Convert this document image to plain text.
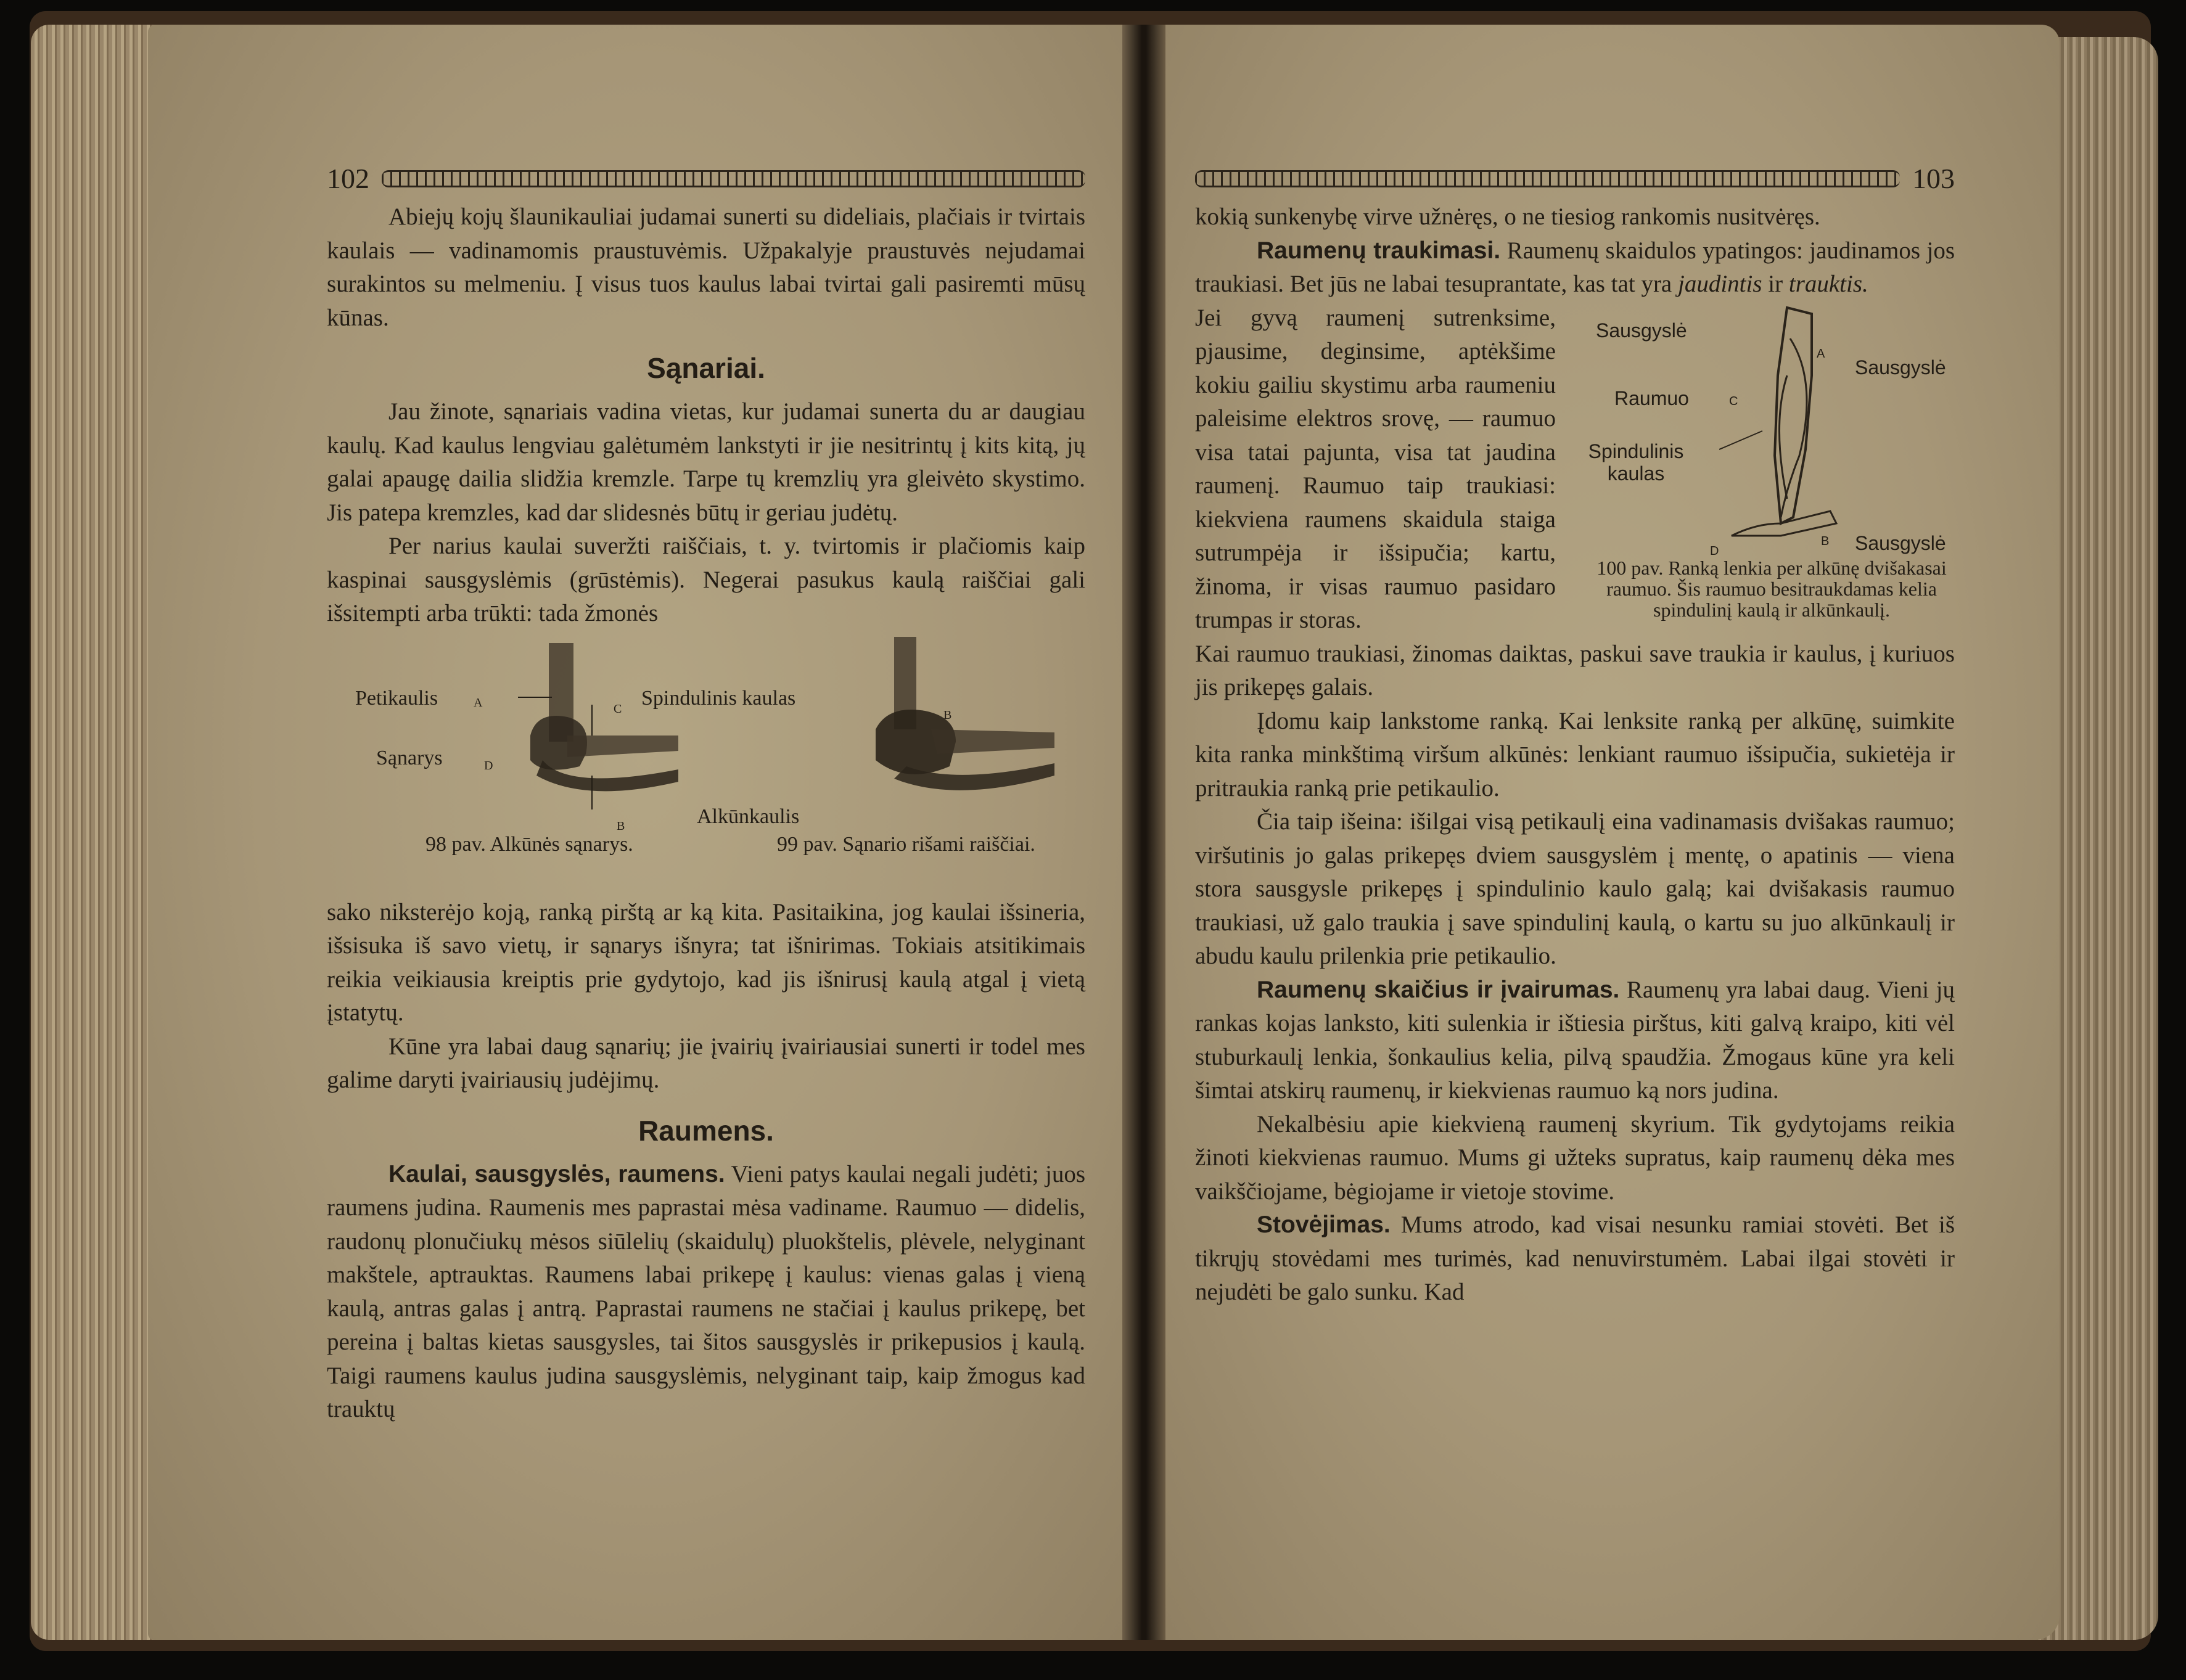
102

Abiejų kojų šlaunikauliai judamai sunerti su dideliais, plačiais ir tvirtais kaulais — vadinamomis praustuvėmis. Užpakalyje praustuvės nejudamai surakintos su melmeniu. Į visus tuos kaulus labai tvirtai gali pasiremti mūsų kūnas.

Sąnariai.

Jau žinote, sąnariais vadina vietas, kur judamai sunerta du ar daugiau kaulų. Kad kaulus lengviau galėtumėm lankstyti ir jie nesitrintų į kits kitą, jų galai apaugę dailia slidžia kremzle. Tarpe tų kremzlių yra gleivėto skystimo. Jis patepa kremzles, kad dar slidesnės būtų ir geriau judėtų.

Per narius kaulai suveržti raiščiais, t. y. tvirtomis ir plačiomis kaip kaspinai sausgyslėmis (grūstėmis). Negerai pasukus kaulą raiščiai gali išsitempti arba trūkti: tada žmonės

Petikaulis
Sąnarys
Spindulinis kaulas
Alkūnkaulis
A	C
D
B
B
98 pav. Alkūnės sąnarys.	99 pav. Sąnario rišami raiščiai.

sako niksterėjo koją, ranką pirštą ar ką kita. Pasitaikina, jog kaulai išsineria, išsisuka iš savo vietų, ir sąnarys išnyra; tat išnirimas. Tokiais atsitikimais reikia veikiausia kreiptis prie gydytojo, kad jis išnirusį kaulą atgal į vietą įstatytų.

Kūne yra labai daug sąnarių; jie įvairių įvairiausiai sunerti ir todel mes galime daryti įvairiausių judėjimų.

Raumens.

Kaulai, sausgyslės, raumens. Vieni patys kaulai negali judėti; juos raumens judina. Raumenis mes paprastai mėsa vadiname. Raumuo — didelis, raudonų plonučiukų mėsos siūlelių (skaidulų) pluokštelis, plėvele, nelyginant makštele, aptrauktas. Raumens labai prikepę į kaulus: vienas galas į vieną kaulą, antras galas į antrą. Paprastai raumens ne stačiai į kaulus prikepę, bet pereina į baltas kietas sausgysles, tai šitos sausgyslės ir prikepusios į kaulą. Taigi raumens kaulus judina sausgyslėmis, nelyginant taip, kaip žmogus kad trauktų

103

kokią sunkenybę virve užnėręs, o ne tiesiog rankomis nusitvėręs.

Raumenų traukimasi. Raumenų skaidulos ypatingos: jaudinamos jos traukiasi. Bet jūs ne labai tesuprantate, kas tat yra jaudintis ir trauktis.

Jei gyvą raumenį sutrenksime, pjausime, deginsime, aptėkšime kokiu gailiu skystimu arba raumeniu paleisime elektros srovę, — raumuo visa tatai pajunta, visa tat jaudina raumenį. Raumuo taip traukiasi: kiekviena raumens skaidula staiga sutrumpėja ir išsipučia; kartu, žinoma, ir visas raumuo pasidaro trumpas ir storas.

Sausgyslė
Sausgyslė
Raumuo
Spindulinis kaulas
Sausgyslė
A
C
D
B
100 pav. Ranką lenkia per alkūnę dvišakasai raumuo. Šis raumuo besitraukdamas kelia spindulinį kaulą ir alkūnkaulį.

Kai raumuo traukiasi, žinomas daiktas, paskui save traukia ir kaulus, į kuriuos jis prikepęs galais.

Įdomu kaip lankstome ranką. Kai lenksite ranką per alkūnę, suimkite kita ranka minkštimą viršum alkūnės: lenkiant raumuo išsipučia, sukietėja ir pritraukia ranką prie petikaulio.

Čia taip išeina: išilgai visą petikaulį eina vadinamasis dvišakas raumuo; viršutinis jo galas prikepęs dviem sausgyslėm į mentę, o apatinis — viena stora sausgysle prikepęs į spindulinio kaulo galą; kai dvišakasis raumuo traukiasi, už galo traukia į save spindulinį kaulą, o kartu su juo alkūnkaulį ir abudu kaulu prilenkia prie petikaulio.

Raumenų skaičius ir įvairumas. Raumenų yra labai daug. Vieni jų rankas kojas lanksto, kiti sulenkia ir ištiesia pirštus, kiti galvą kraipo, kiti vėl stuburkaulį lenkia, šonkaulius kelia, pilvą spaudžia. Žmogaus kūne yra keli šimtai atskirų raumenų, ir kiekvienas raumuo ką nors judina.

Nekalbėsiu apie kiekvieną raumenį skyrium. Tik gydytojams reikia žinoti kiekvienas raumuo. Mums gi užteks supratus, kaip raumenų dėka mes vaikščiojame, bėgiojame ir vietoje stovime.

Stovėjimas. Mums atrodo, kad visai nesunku ramiai stovėti. Bet iš tikrųjų stovėdami mes turimės, kad nenuvirstumėm. Labai ilgai stovėti ir nejudėti be galo sunku. Kad
